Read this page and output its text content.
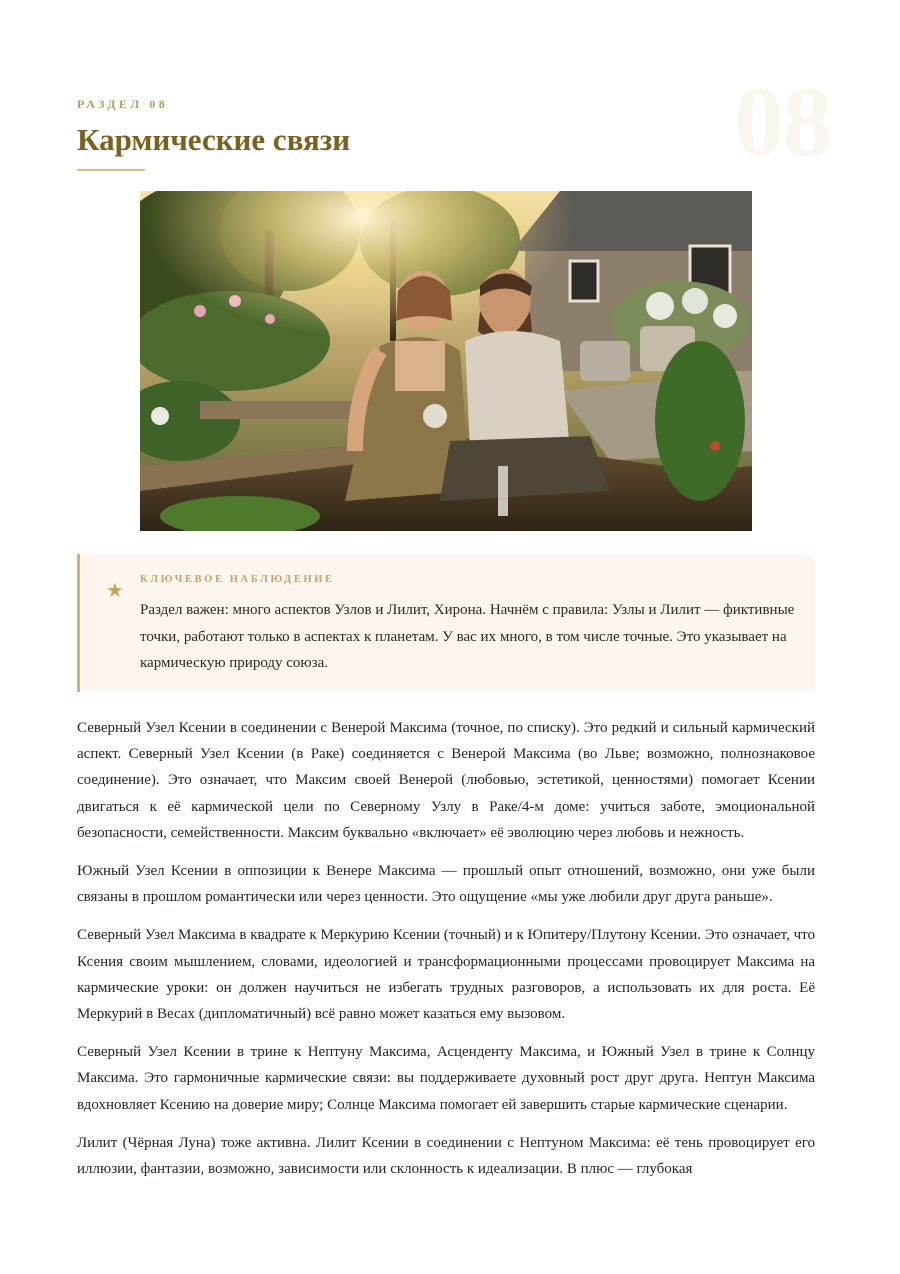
08
РАЗДЕЛ 08
Кармические связи
★ КЛЮЧЕВОЕ НАБЛЮДЕНИЕ

Раздел важен: много аспектов Узлов и Лилит, Хирона. Начнём с правила: Узлы и Лилит — фиктивные точки, работают только в аспектах к планетам. У вас их много, в том числе точные. Это указывает на кармическую природу союза.

Северный Узел Ксении в соединении с Венерой Максима (точное, по списку). Это редкий и сильный кармический аспект. Северный Узел Ксении (в Раке) соединяется с Венерой Максима (во Льве; возможно, полнознаковое соединение). Это означает, что Максим своей Венерой (любовью, эстетикой, ценностями) помогает Ксении двигаться к её кармической цели по Северному Узлу в Раке/4-м доме: учиться заботе, эмоциональной безопасности, семейственности. Максим буквально «включает» её эволюцию через любовь и нежность.

Южный Узел Ксении в оппозиции к Венере Максима — прошлый опыт отношений, возможно, они уже были связаны в прошлом романтически или через ценности. Это ощущение «мы уже любили друг друга раньше».

Северный Узел Максима в квадрате к Меркурию Ксении (точный) и к Юпитеру/Плутону Ксении. Это означает, что Ксения своим мышлением, словами, идеологией и трансформационными процессами провоцирует Максима на кармические уроки: он должен научиться не избегать трудных разговоров, а использовать их для роста. Её Меркурий в Весах (дипломатичный) всё равно может казаться ему вызовом.

Северный Узел Ксении в трине к Нептуну Максима, Асценденту Максима, и Южный Узел в трине к Солнцу Максима. Это гармоничные кармические связи: вы поддерживаете духовный рост друг друга. Нептун Максима вдохновляет Ксению на доверие миру; Солнце Максима помогает ей завершить старые кармические сценарии.

Лилит (Чёрная Луна) тоже активна. Лилит Ксении в соединении с Нептуном Максима: её тень провоцирует его иллюзии, фантазии, возможно, зависимости или склонность к идеализации. В плюс — глубокая
